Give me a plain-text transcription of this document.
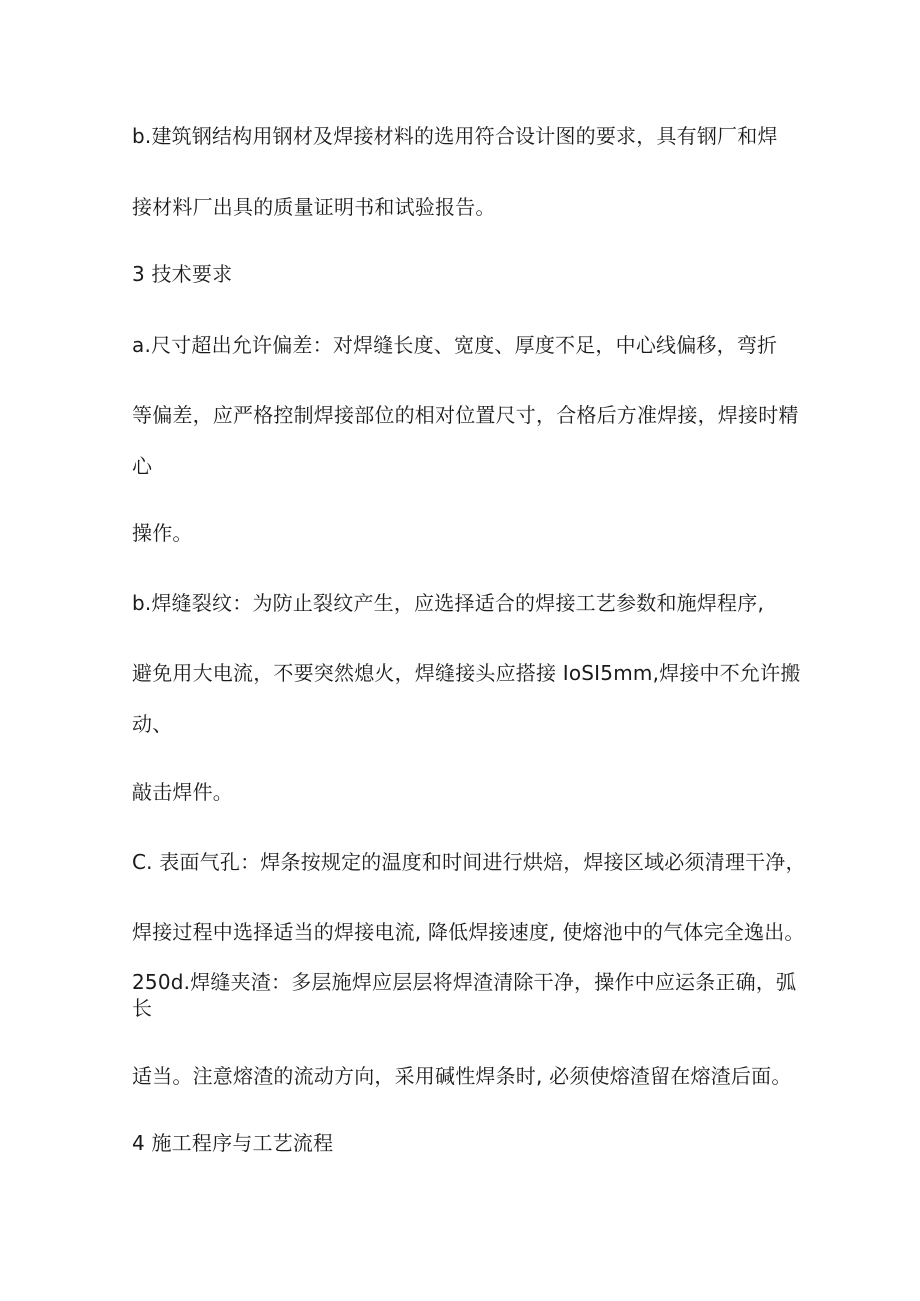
b.建筑钢结构用钢材及焊接材料的选用符合设计图的要求，具有钢厂和焊
接材料厂出具的质量证明书和试验报告。
3 技术要求
a.尺寸超出允许偏差：对焊缝长度、宽度、厚度不足，中心线偏移，弯折
等偏差，应严格控制焊接部位的相对位置尺寸，合格后方准焊接，焊接时精
心
操作。
b.焊缝裂纹：为防止裂纹产生，应选择适合的焊接工艺参数和施焊程序,
避免用大电流，不要突然熄火，焊缝接头应搭接 IoSI5mm,焊接中不允许搬
动、
敲击焊件。
C. 表面气孔：焊条按规定的温度和时间进行烘焙，焊接区域必须清理干净，
焊接过程中选择适当的焊接电流, 降低焊接速度, 使熔池中的气体完全逸出。
250d.焊缝夹渣：多层施焊应层层将焊渣清除干净，操作中应运条正确，弧
长
适当。注意熔渣的流动方向，采用碱性焊条时, 必须使熔渣留在熔渣后面。
4 施工程序与工艺流程
